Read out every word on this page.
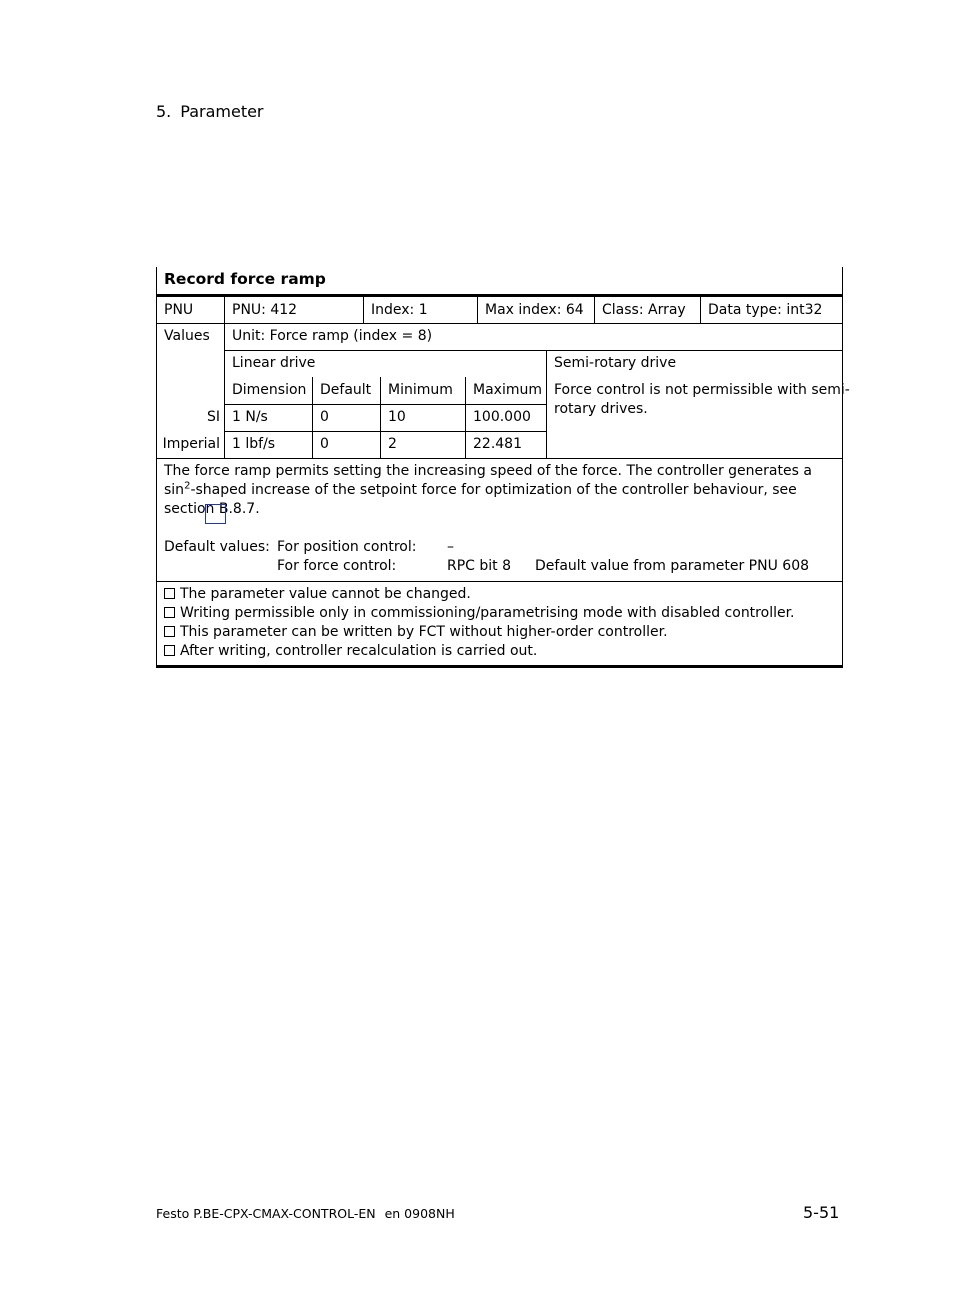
5. Parameter
Record force ramp
PNU	PNU: 412	Index: 1	Max index: 64 Class: Array Data type: int32
Values Unit: Force ramp (index = 8)
Linear drive	Semi-rotary drive
Dimension Default Minimum Maximum
SI 1 N/s	0	10	100.000
Imperial 1 lbf/s	0	2	22.481
Force control is not permissible with semi-
rotary drives.
The force ramp permits setting the increasing speed of the force. The controller generates a
$\sin^2$-shaped increase of the setpoint force for optimization of the controller behaviour, see
section B.8.7.
Default values: For position control: –
For force control:	RPC bit 8 Default value from parameter PNU 608
The parameter value cannot be changed.
Writing permissible only in commissioning/parametrising mode with disabled controller.
This parameter can be written by FCT without higher-order controller.
After writing, controller recalculation is carried out.
Festo P.BE-CPX-CMAX-CONTROL-EN en 0908NH	5-51
